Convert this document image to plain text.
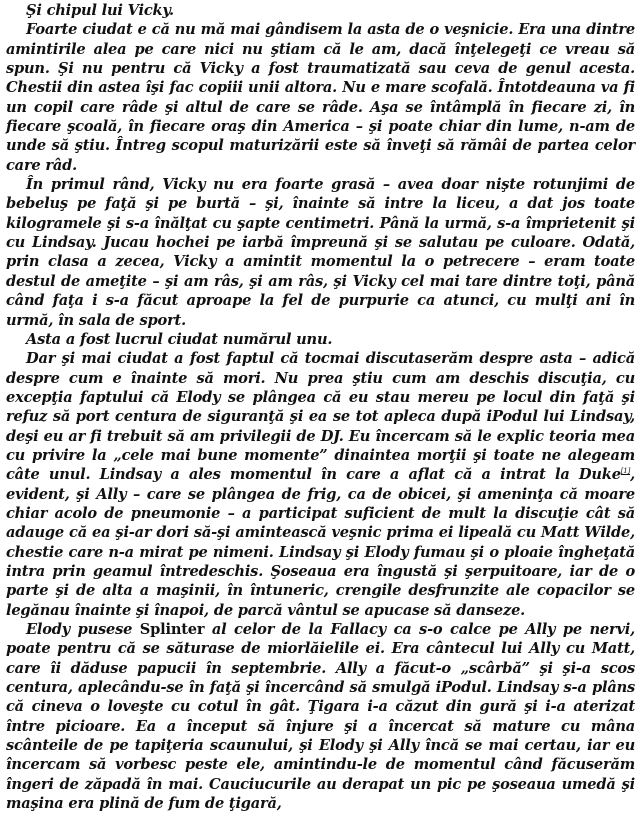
Şi chipul lui Vicky.

Foarte ciudat e că nu mă mai gândisem la asta de o veşnicie. Era una dintre amintirile alea pe care nici nu ştiam că le am, dacă înţelegeţi ce vreau să spun. Şi nu pentru că Vicky a fost traumatizată sau ceva de genul acesta. Chestii din astea îşi fac copiii unii altora. Nu e mare scofală. Întotdeauna va fi un copil care râde şi altul de care se râde. Aşa se întâmplă în fiecare zi, în fiecare şcoală, în fiecare oraş din America – şi poate chiar din lume, n-am de unde să ştiu. Întreg scopul maturizării este să înveţi să rămâi de partea celor care râd.

În primul rând, Vicky nu era foarte grasă – avea doar nişte rotunjimi de bebeluş pe faţă şi pe burtă – şi, înainte să intre la liceu, a dat jos toate kilogramele şi s-a înălţat cu şapte centimetri. Până la urmă, s-a împrietenit şi cu Lindsay. Jucau hochei pe iarbă împreună şi se salutau pe culoare. Odată, prin clasa a zecea, Vicky a amintit momentul la o petrecere – eram toate destul de ameţite – şi am râs, şi am râs, şi Vicky cel mai tare dintre toţi, până când faţa i s-a făcut aproape la fel de purpurie ca atunci, cu mulţi ani în urmă, în sala de sport.

Asta a fost lucrul ciudat numărul unu.

Dar şi mai ciudat a fost faptul că tocmai discutaserăm despre asta – adică despre cum e înainte să mori. Nu prea ştiu cum am deschis discuţia, cu excepţia faptului că Elody se plângea că eu stau mereu pe locul din faţă şi refuz să port centura de siguranţă şi ea se tot apleca după iPodul lui Lindsay, deşi eu ar fi trebuit să am privilegii de DJ. Eu încercam să le explic teoria mea cu privire la „cele mai bune momente” dinaintea morţii şi toate ne alegeam câte unul. Lindsay a ales momentul în care a aflat că a intrat la Duke[1], evident, şi Ally – care se plângea de frig, ca de obicei, şi ameninţa că moare chiar acolo de pneumonie – a participat suficient de mult la discuţie cât să adauge că ea şi-ar dori să-şi amintească veşnic prima ei lipeală cu Matt Wilde, chestie care n-a mirat pe nimeni. Lindsay şi Elody fumau şi o ploaie îngheţată intra prin geamul întredeschis. Şoseaua era îngustă şi şerpuitoare, iar de o parte şi de alta a maşinii, în întuneric, crengile desfrunzite ale copacilor se legănau înainte şi înapoi, de parcă vântul se apucase să danseze.

Elody pusese Splinter al celor de la Fallacy ca s-o calce pe Ally pe nervi, poate pentru că se săturase de miorlăielile ei. Era cântecul lui Ally cu Matt, care îi dăduse papucii în septembrie. Ally a făcut-o „scârbă” şi şi-a scos centura, aplecându-se în faţă şi încercând să smulgă iPodul. Lindsay s-a plâns că cineva o loveşte cu cotul în gât. Ţigara i-a căzut din gură şi i-a aterizat între picioare. Ea a început să înjure şi a încercat să mature cu mâna scânteile de pe tapiţeria scaunului, şi Elody şi Ally încă se mai certau, iar eu încercam să vorbesc peste ele, amintindu-le de momentul când făcuserăm îngeri de zăpadă în mai. Cauciucurile au derapat un pic pe şoseaua umedă şi maşina era plină de fum de ţigară,
